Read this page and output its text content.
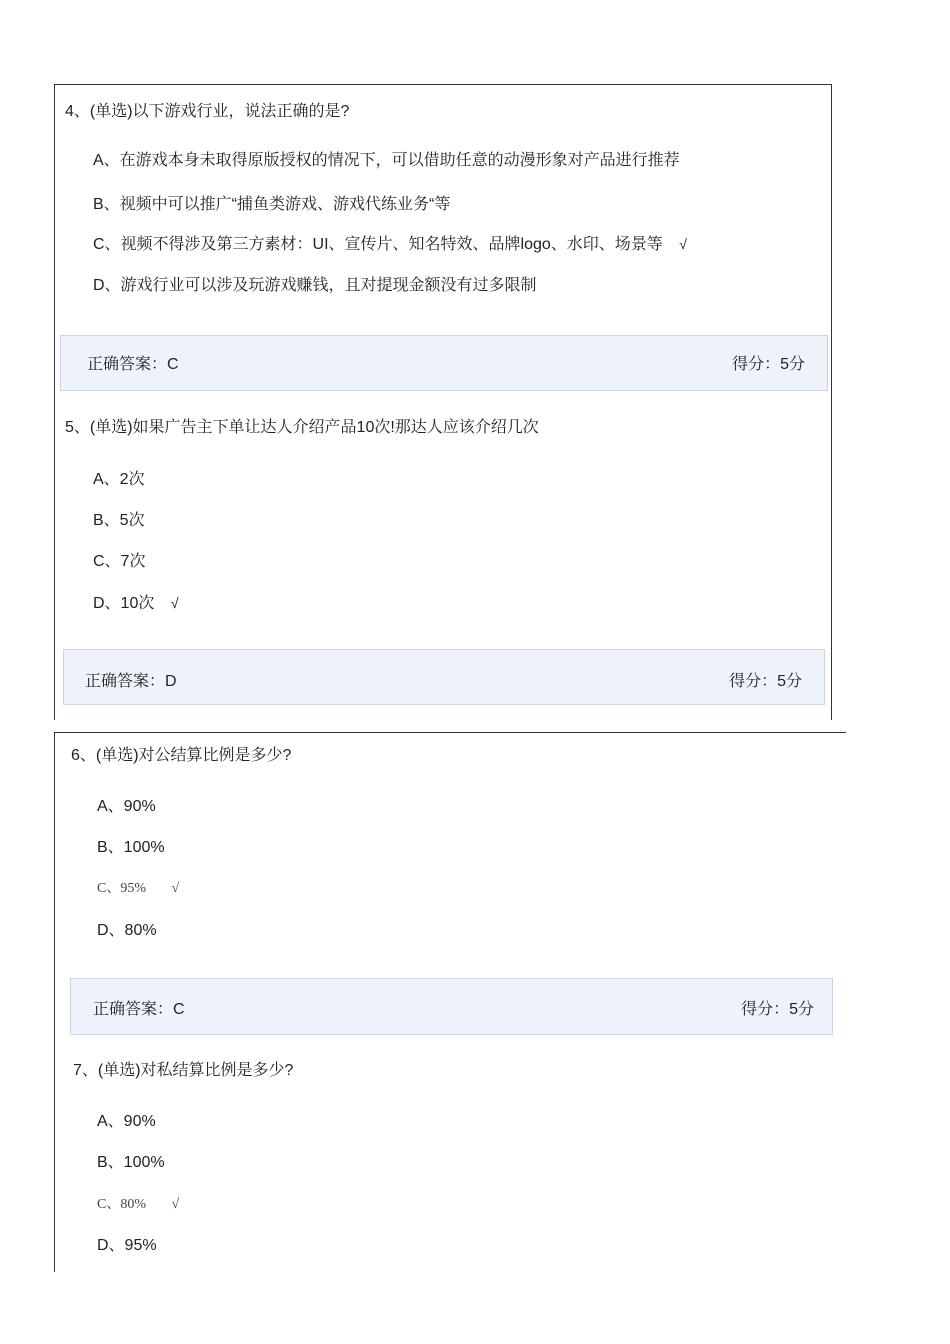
4、(单选)以下游戏行业，说法正确的是?
A、在游戏本身未取得原版授权的情况下，可以借助任意的动漫形象对产品进行推荐
B、视频中可以推广“捕鱼类游戏、游戏代练业务“等
C、视频不得涉及第三方素材：UI、宣传片、知名特效、品牌logo、水印、场景等 √
D、游戏行业可以涉及玩游戏赚钱，且对提现金额没有过多限制
正确答案：C	得分：5分
5、(单选)如果广告主下单让达人介绍产品10次!那达人应该介绍几次
A、2次
B、5次
C、7次
D、10次 √
正确答案：D	得分：5分
6、(单选)对公结算比例是多少?
A、90%
B、100%
C、95% √
D、80%
正确答案：C	得分：5分
7、(单选)对私结算比例是多少?
A、90%
B、100%
C、80% √
D、95%
